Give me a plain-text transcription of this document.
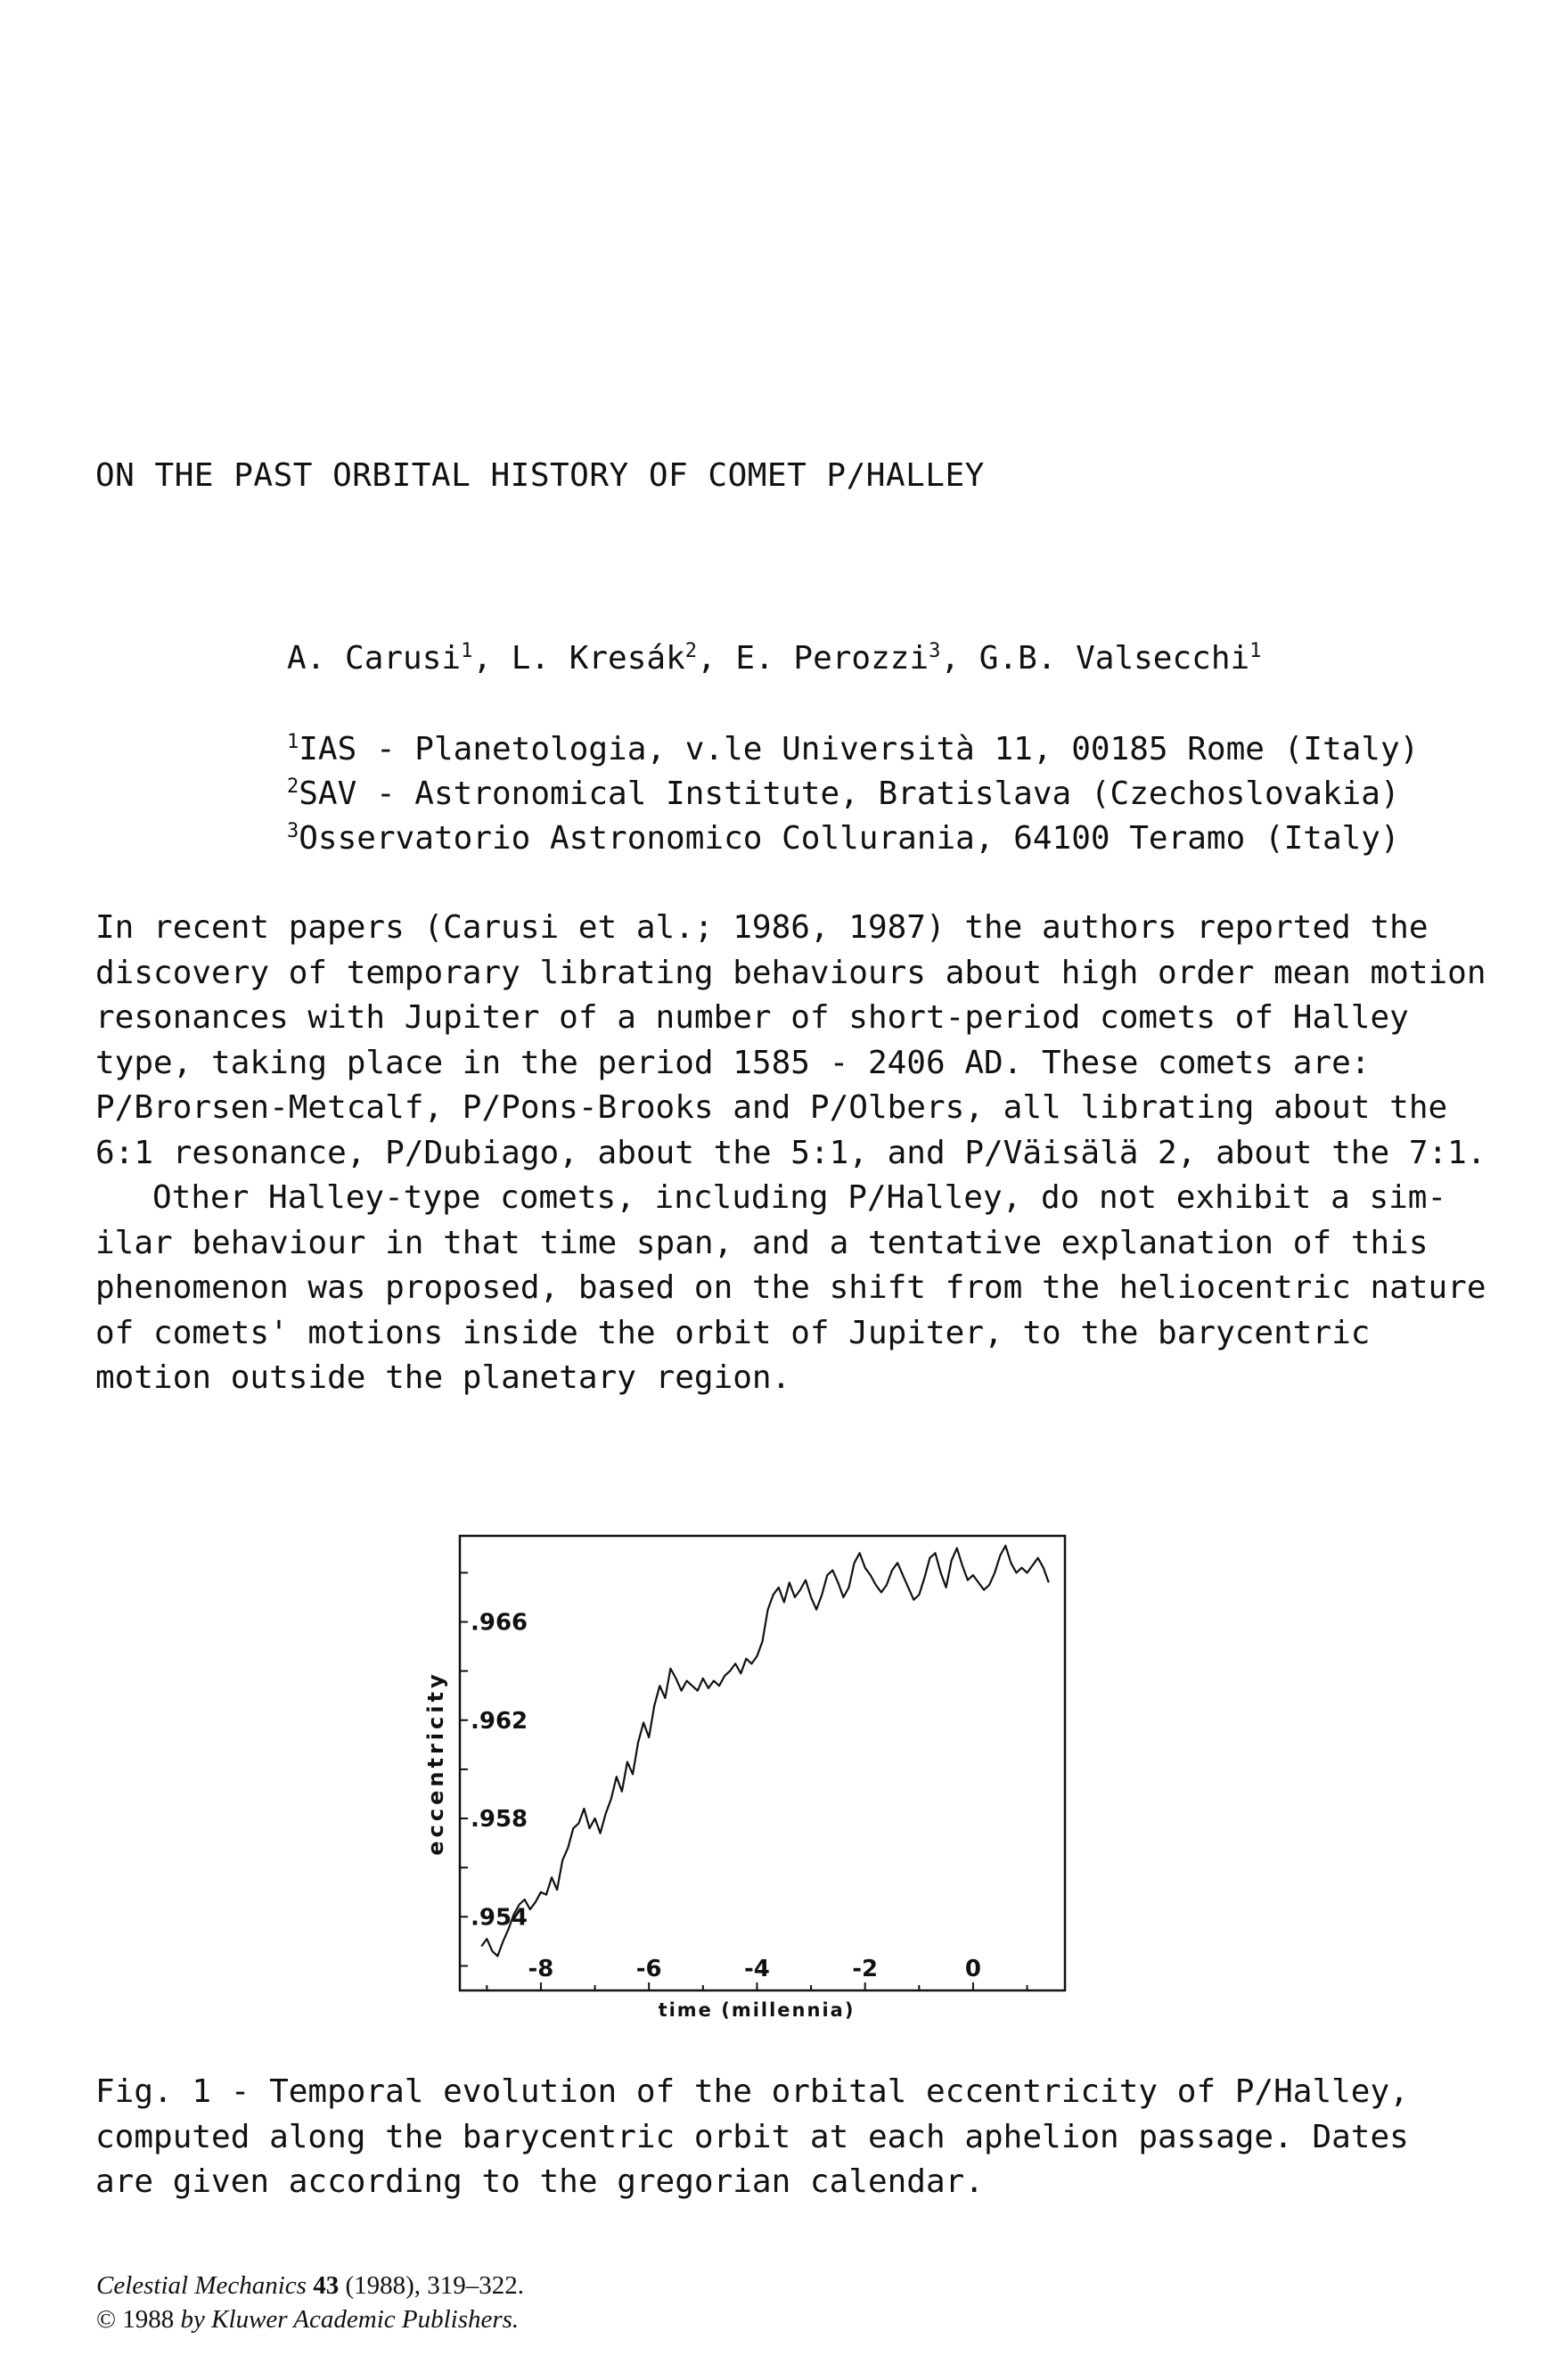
ON THE PAST ORBITAL HISTORY OF COMET P/HALLEY
A. Carusi$^1$, L. Kresák$^2$, E. Perozzi$^3$, G.B. Valsecchi$^1$
$^1$IAS - Planetologia, v.le Università 11, 00185 Rome (Italy)
$^2$SAV - Astronomical Institute, Bratislava (Czechoslovakia)
$^3$Osservatorio Astronomico Collurania, 64100 Teramo (Italy)
In recent papers (Carusi et al.; 1986, 1987) the authors reported the
discovery of temporary librating behaviours about high order mean motion
resonances with Jupiter of a number of short-period comets of Halley
type, taking place in the period 1585 - 2406 AD. These comets are:
P/Brorsen-Metcalf, P/Pons-Brooks and P/Olbers, all librating about the
6:1 resonance, P/Dubiago, about the 5:1, and P/Väisälä 2, about the 7:1.
Other Halley-type comets, including P/Halley, do not exhibit a sim-
ilar behaviour in that time span, and a tentative explanation of this
phenomenon was proposed, based on the shift from the heliocentric nature
of comets' motions inside the orbit of Jupiter, to the barycentric
motion outside the planetary region.
.954
.958
.962
.966
-8	-6	-4	-2	0
eccentricity
time (millennia)
Fig. 1 - Temporal evolution of the orbital eccentricity of P/Halley,
computed along the barycentric orbit at each aphelion passage. Dates
are given according to the gregorian calendar.
Celestial Mechanics 43 (1988), 319–322.
© 1988 by Kluwer Academic Publishers.
